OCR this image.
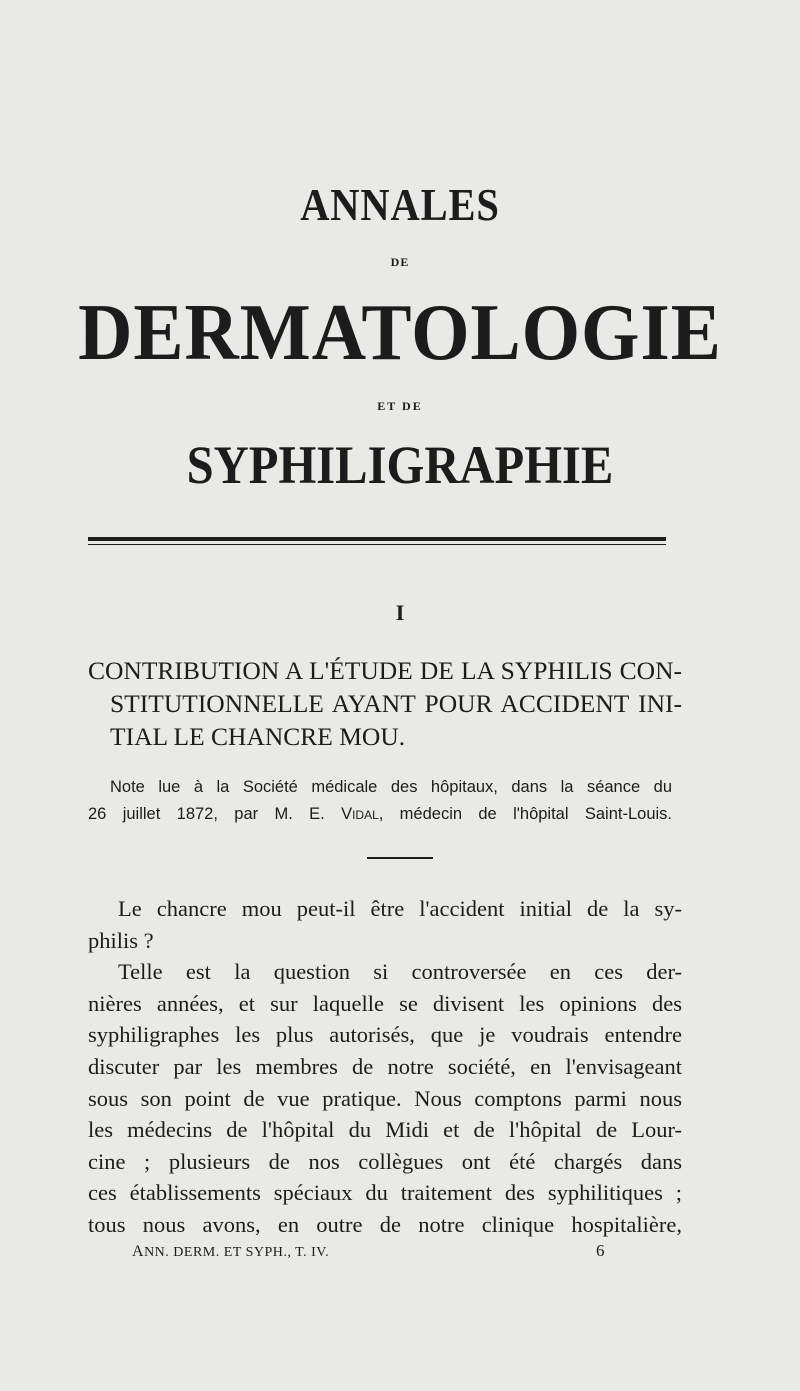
ANNALES
DE
DERMATOLOGIE
ET DE
SYPHILIGRAPHIE
I
CONTRIBUTION A L'ÉTUDE DE LA SYPHILIS CON-
STITUTIONNELLE AYANT POUR ACCIDENT INI-
TIAL LE CHANCRE MOU.
Note lue à la Société médicale des hôpitaux, dans la séance du
26 juillet 1872, par M. E. Vidal, médecin de l'hôpital Saint-Louis.
Le chancre mou peut-il être l'accident initial de la sy-
philis ?
Telle est la question si controversée en ces der-
nières années, et sur laquelle se divisent les opinions des
syphiligraphes les plus autorisés, que je voudrais entendre
discuter par les membres de notre société, en l'envisageant
sous son point de vue pratique. Nous comptons parmi nous
les médecins de l'hôpital du Midi et de l'hôpital de Lour-
cine ; plusieurs de nos collègues ont été chargés dans
ces établissements spéciaux du traitement des syphilitiques ;
tous nous avons, en outre de notre clinique hospitalière,
ANN. DERM. ET SYPH., T. IV.	6
